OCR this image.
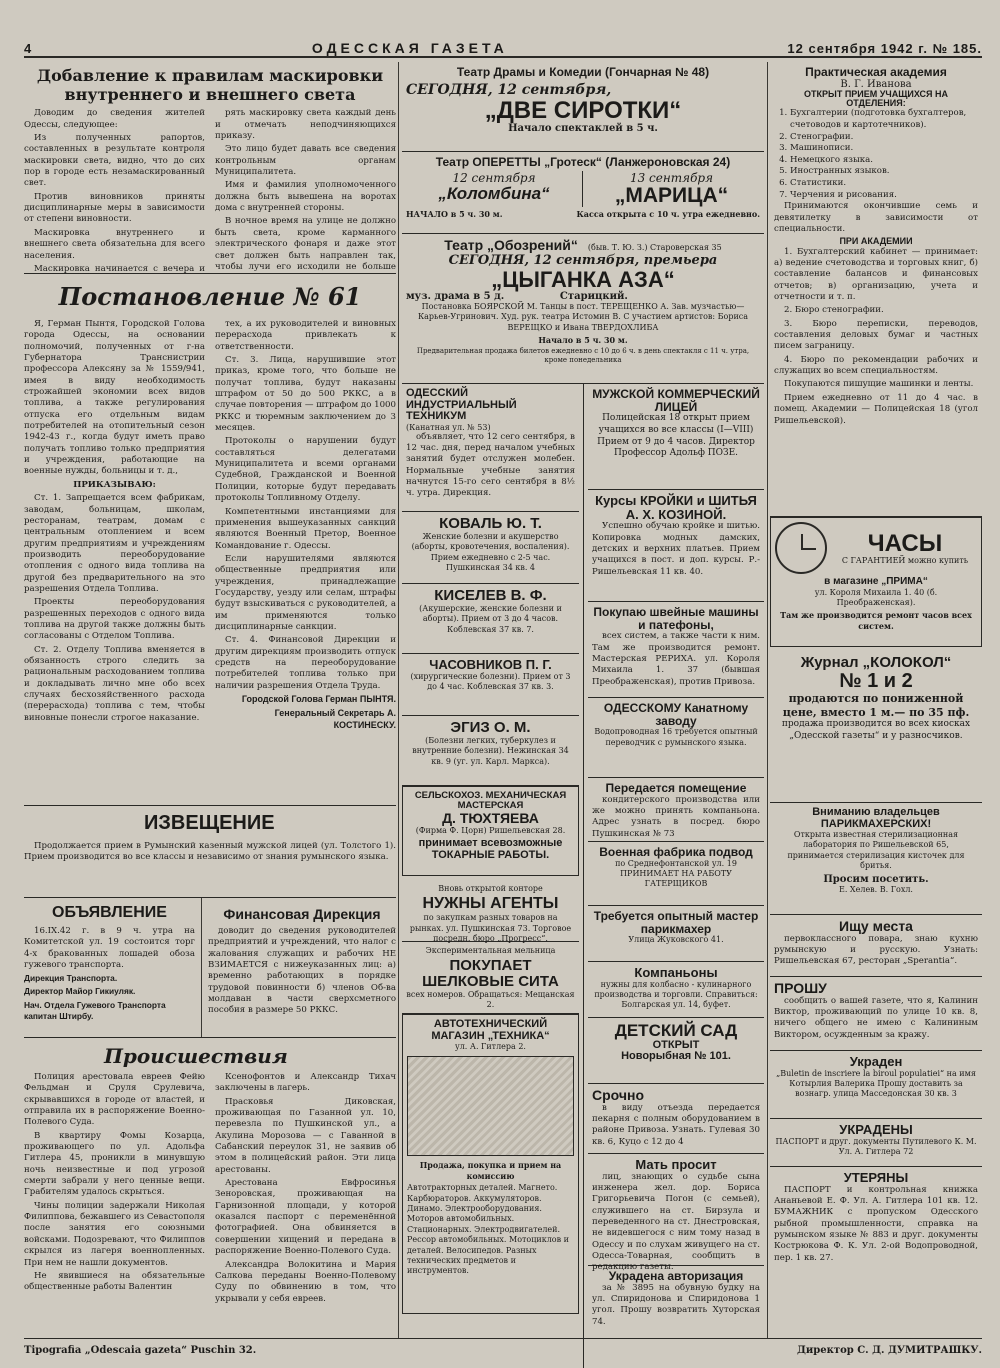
4	ОДЕССКАЯ ГАЗЕТА	12 сентября 1942 г. № 185.
Добавление к правилам маскировки внутреннего и внешнего света

Доводим до сведения жителей Одессы, следующее:

Из полученных рапортов, составленных в результате контроля маскировки света, видно, что до сих пор в городе есть незамаскированный свет.

Против виновников приняты дисциплинарные меры в зависимости от степени виновности.

Маскировка внутреннего и внешнего света обязательна для всего населения.

Маскировка начинается с вечера и

рять маскировку света каждый день и отмечать неподчиняющихся приказу.

Это лицо будет давать все сведения контрольным органам Муниципалитета.

Имя и фамилия уполномоченного должна быть вывешена на воротах дома с внутренней стороны.

В ночное время на улице не должно быть света, кроме карманного электрического фонаря и даже этот свет должен быть направлен так, чтобы лучи его исходили не больше

Постановление № 61

Я, Герман Пынтя, Городской Голова города Одессы, на основании полномочий, полученных от г-на Губернатора Транснистрии профессора Алексяну за № 1559/941, имея в виду необходимость строжайшей экономии всех видов топлива, а также регулирования отпуска его отдельным видам потребителей на отопительный сезон 1942-43 г., когда будут иметь право получать топливо только предприятия и учреждения, работающие на военные нужды, больницы и т. д.,

ПРИКАЗЫВАЮ:

Ст. 1. Запрещается всем фабрикам, заводам, больницам, школам, ресторанам, театрам, домам с центральным отоплением и всем другим предприятиям и учреждениям производить переоборудование отопления с одного вида топлива на другой без предварительного на это разрешения Отдела Топлива.

Проекты переоборудования разрешенных переходов с одного вида топлива на другой также должны быть согласованы с Отделом Топлива.

Ст. 2. Отделу Топлива вменяется в обязанность строго следить за рациональным расходованием топлива и докладывать лично мне обо всех случаях бесхозяйственного расхода (перерасхода) топлива с тем, чтобы виновные понесли строгое наказание.

тех, а их руководителей и виновных перерасхода привлекать к ответственности.

Ст. 3. Лица, нарушившие этот приказ, кроме того, что больше не получат топлива, будут наказаны штрафом от 50 до 500 РККС, а в случае повторения — штрафом до 1000 РККС и тюремным заключением до 3 месяцев.

Протоколы о нарушении будут составляться делегатами Муниципалитета и всеми органами Судебной, Гражданской и Военной Полиции, которые будут передавать протоколы Топливному Отделу.

Компетентными инстанциями для применения вышеуказанных санкций являются Военный Претор, Военное Командование г. Одессы.

Если нарушителями являются общественные предприятия или учреждения, принадлежащие Государству, уезду или селам, штрафы будут взыскиваться с руководителей, а им применяются только дисциплинарные санкции.

Ст. 4. Финансовой Дирекции и другим дирекциям производить отпуск средств на переоборудование потребителей топлива только при наличии разрешения Отдела Труда.

Городской Голова Герман ПЫНТЯ.

Генеральный Секретарь А. КОСТИНЕСКУ.

ИЗВЕЩЕНИЕ

Продолжается прием в Румынский казенный мужской лицей (ул. Толстого 1). Прием производится во все классы и независимо от знания румынского языка.

ОБЪЯВЛЕНИЕ

16.IX.42 г. в 9 ч. утра на Комитетской ул. 19 состоится торг 4-х бракованных лошадей обоза гужевого транспорта.

Дирекция Транспорта.

Директор Майор Гикиуляк.

Нач. Отдела Гужевого Транспорта капитан Штирбу.

Финансовая Дирекция

доводит до сведения руководителей предприятий и учреждений, что налог с жалования служащих и рабочих НЕ ВЗИМАЕТСЯ с нижеуказанных лиц: а) временно работающих в порядке трудовой повинности б) членов Об-ва молдаван в части сверхсметного пособия в размере 50 РККС.

Происшествия

Полиция арестовала евреев Фейю Фельдман и Сруля Срулевича, скрывавшихся в городе от властей, и отправила их в распоряжение Военно-Полевого Суда.

В квартиру Фомы Козарца, проживающего по ул. Адольфа Гитлера 45, проникли в минувшую ночь неизвестные и под угрозой смерти забрали у него ценные вещи. Грабителям удалось скрыться.

Чины полиции задержали Николая Филиппова, бежавшего из Севастополя после занятия его союзными войсками. Подозревают, что Филиппов скрылся из лагеря военнопленных. При нем не нашли документов.

Не явившиеся на обязательные общественные работы Валентин

Ксенофонтов и Александр Тихач заключены в лагерь.

Прасковья Диковская, проживающая по Газанной ул. 10, перевезла по Пушкинской ул., а Акулина Морозова — с Гаванной в Сабанский переулок 31, не заявив об этом в полицейский район. Эти лица арестованы.

Арестована Евфросинья Зеноровская, проживающая на Гарнизонной площади, у которой оказался паспорт с переменённой фотографией. Она обвиняется в совершении хищений и передана в распоряжение Военно-Полевого Суда.

Александра Волокитина и Мария Салкова переданы Военно-Полевому Суду по обвинению в том, что укрывали у себя евреев.

Театр Драмы и Комедии (Гончарная № 48)
СЕГОДНЯ, 12 сентября,
„ДВЕ СИРОТКИ“
Начало спектаклей в 5 ч.
Театр ОПЕРЕТТЫ „Гротеск“ (Ланжероновская 24)
12 сентября
„Коломбина“
13 сентября
„МАРИЦА“
НАЧАЛО в 5 ч. 30 м.	Касса открыта с 10 ч. утра ежедневно.
Театр „Обозрений“ (быв. Т. Ю. З.) Староверская 35
СЕГОДНЯ, 12 сентября, премьера
„ЦЫГАНКА АЗА“
муз. драма в 5 д.                Старицкий.

Постановка БОЯРСКОЙ М. Танцы в пост. ТЕРЕЩЕНКО А. Зав. музчастью—Карьев-Угринович. Худ. рук. театра Истомин В. С участием артистов: Бориса ВЕРЕЩКО и Ивана ТВЕРДОХЛИБА

Начало в 5 ч. 30 м.

Предварительная продажа билетов ежедневно с 10 до 6 ч. в день спектакля с 11 ч. утра, кроме понедельника

ОДЕССКИЙ ИНДУСТРИАЛЬНЫЙ ТЕХНИКУМ
(Канатная ул. № 53)

объявляет, что 12 сего сентября, в 12 час. дня, перед началом учебных занятий будет отслужен молебен. Нормальные учебные занятия начнутся 15-го сего сентября в 8½ ч. утра. Дирекция.

КОВАЛЬ Ю. Т.

Женские болезни и акушерство (аборты, кровотечения, воспаления). Прием ежедневно с 2-5 час. Пушкинская 34 кв. 4

КИСЕЛЕВ В. Ф.

(Акушерские, женские болезни и аборты). Прием от 3 до 4 часов. Коблевская 37 кв. 7.

ЧАСОВНИКОВ П. Г.

(хирургические болезни). Прием от 3 до 4 час. Коблевская 37 кв. 3.

ЭГИЗ О. М.

(Болезни легких, туберкулез и внутренние болезни). Нежинская 34 кв. 9 (уг. ул. Карл. Маркса).

СЕЛЬСКОХОЗ. МЕХАНИЧЕСКАЯ МАСТЕРСКАЯ
Д. ТЮХТЯЕВА

(Фирма Ф. Цорн) Ришельевская 28.

принимает всевозможные ТОКАРНЫЕ РАБОТЫ.

Вновь открытой конторе

НУЖНЫ АГЕНТЫ

по закупкам разных товаров на рынках. ул. Пушкинская 73. Торговое посредн. бюро „Прогресс“.

Экспериментальная мельница

ПОКУПАЕТ ШЕЛКОВЫЕ СИТА

всех номеров. Обращаться: Мещанская 2.

АВТОТЕХНИЧЕСКИЙ МАГАЗИН „ТЕХНИКА“

ул. А. Гитлера 2.

Продажа, покупка и прием на комиссию

Автотракторных деталей. Магнето. Карбюраторов. Аккумуляторов. Динамо. Электрооборудования. Моторов автомобильных. Стационарных. Электродвигателей. Рессор автомобильных. Мотоциклов и деталей. Велосипедов. Разных технических предметов и инструментов.

МУЖСКОЙ КОММЕРЧЕСКИЙ ЛИЦЕЙ

Полицейская 18 открыт прием учащихся во все классы (I—VIII) Прием от 9 до 4 часов. Директор Профессор Адольф ПОЗЕ.

Курсы КРОЙКИ и ШИТЬЯ А. Х. КОЗИНОЙ.

Успешно обучаю кройке и шитью. Копировка модных дамских, детских и верхних платьев. Прием учащихся в пост. и доп. курсы. Р.-Ришельевская 11 кв. 40.

Покупаю швейные машины и патефоны,

всех систем, а также части к ним. Там же производится ремонт. Мастерская РЕРИХА. ул. Короля Михаила 1. 37 (бывшая Преображенская), против Привоза.

ОДЕССКОМУ Канатному заводу

Водопроводная 16 требуется опытный переводчик с румынского языка.

Передается помещение

кондитерского производства или же можно принять компаньона. Адрес узнать в посред. бюро Пушкинская № 73

Военная фабрика подвод

по Среднефонтанской ул. 19 ПРИНИМАЕТ НА РАБОТУ ГАТЕРЩИКОВ

Требуется опытный мастер парикмахер

Улица Жуковского 41.

Компаньоны

нужны для колбасно - кулинарного производства и торговли. Справиться: Болгарская ул. 14, буфет.

ДЕТСКИЙ САД
ОТКРЫТ
Новорыбная № 101.
Срочно

в виду отъезда передается пекарня с полным оборудованием в районе Привоза. Узнать. Гулевая 30 кв. 6, Куцо с 12 до 4

Мать просит

лиц, знающих о судьбе сына инженера жел. дор. Бориса Григорьевича Погон (с семьей), служившего на ст. Бирзула и переведенного на ст. Днестровская, не видевшегося с ним тому назад в Одессу и по слухам живущего на ст. Одесса-Товарная, сообщить в редакцию газеты.

Украдена авторизация

за № 3895 на обувную будку на ул. Спиридонова и Спиридонова 1 угол. Прошу возвратить Хуторская 74.

Практическая академия
В. Г. Иванова
ОТКРЫТ ПРИЕМ УЧАЩИХСЯ НА ОТДЕЛЕНИЯ:
1. Бухгалтерии (подготовка бухгалтеров, счетоводов и картотечников).
2. Стенографии.
3. Машинописи.
4. Немецкого языка.
5. Иностранных языков.
6. Статистики.
7. Черчения и рисования.

Принимаются окончившие семь и девятилетку в зависимости от специальности.

ПРИ АКАДЕМИИ

1. Бухгалтерский кабинет — принимает: а) ведение счетоводства и торговых книг, б) составление балансов и финансовых отчетов; в) организацию, учета и отчетности и т. п.

2. Бюро стенографии.

3. Бюро переписки, переводов, составления деловых бумаг и частных писем заграницу.

4. Бюро по рекомендации рабочих и служащих во всем специальностям.

Покупаются пишущие машинки и ленты.

Прием ежедневно от 11 до 4 час. в помещ. Академии — Полицейская 18 (угол Ришельевской).

ЧАСЫ
С ГАРАНТИЕЙ можно купить
в магазине „ПРИМА“

ул. Короля Михаила 1. 40 (б. Преображенская).

Там же производится ремонт часов всех систем.

Журнал „КОЛОКОЛ“
№ 1 и 2
продаются по пониженной цене, вместо 1 м.— по 35 пф.

продажа производится во всех киосках „Одесской газеты“ и у разносчиков.

Вниманию владельцев ПАРИКМАХЕРСКИХ!

Открыта известная стерилизационная лаборатория по Ришельевской 65, принимается стерилизация кисточек для бритья.

Просим посетить.

Е. Хелев. В. Гохл.

Ищу места

первоклассного повара, знаю кухню румынскую и русскую. Узнать: Ришельевская 67, ресторан „Sperantia“.

ПРОШУ

сообщить о вашей газете, что я, Калинин Виктор, проживающий по улице 10 кв. 8, ничего общего не имею с Калининым Виктором, осужденным за кражу.

Украден

„Buletin de inscriere la biroul populatiei“ на имя Котырлия Валерика Прошу доставить за вознагр. улица Масседонская 30 кв. 3

УКРАДЕНЫ

ПАСПОРТ и друг. документы Путилевого К. М. Ул. А. Гитлера 72

УТЕРЯНЫ

ПАСПОРТ и контрольная книжка Ананьевой Е. Ф. Ул. А. Гитлера 101 кв. 12. БУМАЖНИК с пропуском Одесского рыбной промышленности, справка на румынском языке № 883 и друг. документы Кострюкова Ф. К. Ул. 2-ой Водопроводной, пер. 1 кв. 27.

Tipografia „Odescaia gazeta“ Puschin 32.	Директор С. Д. ДУМИТРАШКУ.
